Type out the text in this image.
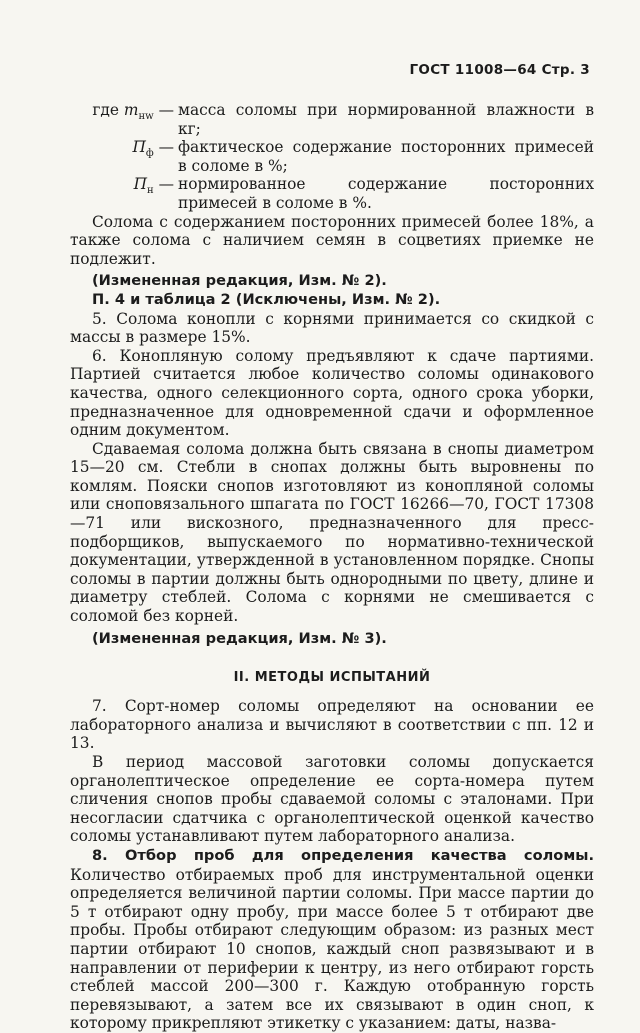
ГОСТ 11008—64 Стр. 3

где $m_{нw}$ — масса соломы при нормированной влажности в кг;

$П_ф$ — фактическое содержание посторонних примесей в соломе в %;

$П_н$ — нормированное содержание посторонних примесей в соломе в %.

Солома с содержанием посторонних примесей более 18%, а также солома с наличием семян в соцветиях приемке не подлежит.

(Измененная редакция, Изм. № 2).

П. 4 и таблица 2 (Исключены, Изм. № 2).

5. Солома конопли с корнями принимается со скидкой с массы в размере 15%.

6. Конопляную солому предъявляют к сдаче партиями. Партией считается любое количество соломы одинакового качества, одного селекционного сорта, одного срока уборки, предназначенное для одновременной сдачи и оформленное одним документом.

Сдаваемая солома должна быть связана в снопы диаметром 15—20 см. Стебли в снопах должны быть выровнены по комлям. Пояски снопов изготовляют из конопляной соломы или сноповязального шпагата по ГОСТ 16266—70, ГОСТ 17308—71 или вискозного, предназначенного для пресс-подборщиков, выпускаемого по нормативно-технической документации, утвержденной в установленном порядке. Снопы соломы в партии должны быть однородными по цвету, длине и диаметру стеблей. Солома с корнями не смешивается с соломой без корней.

(Измененная редакция, Изм. № 3).

II. МЕТОДЫ ИСПЫТАНИЙ

7. Сорт-номер соломы определяют на основании ее лабораторного анализа и вычисляют в соответствии с пп. 12 и 13.

В период массовой заготовки соломы допускается органолептическое определение ее сорта-номера путем сличения снопов пробы сдаваемой соломы с эталонами. При несогласии сдатчика с органолептической оценкой качество соломы устанавливают путем лабораторного анализа.

8. Отбор проб для определения качества соломы. Количество отбираемых проб для инструментальной оценки определяется величиной партии соломы. При массе партии до 5 т отбирают одну пробу, при массе более 5 т отбирают две пробы. Пробы отбирают следующим образом: из разных мест партии отбирают 10 снопов, каждый сноп развязывают и в направлении от периферии к центру, из него отбирают горсть стеблей массой 200—300 г. Каждую отобранную горсть перевязывают, а затем все их связывают в один сноп, к которому прикрепляют этикетку с указанием: даты, назва-
